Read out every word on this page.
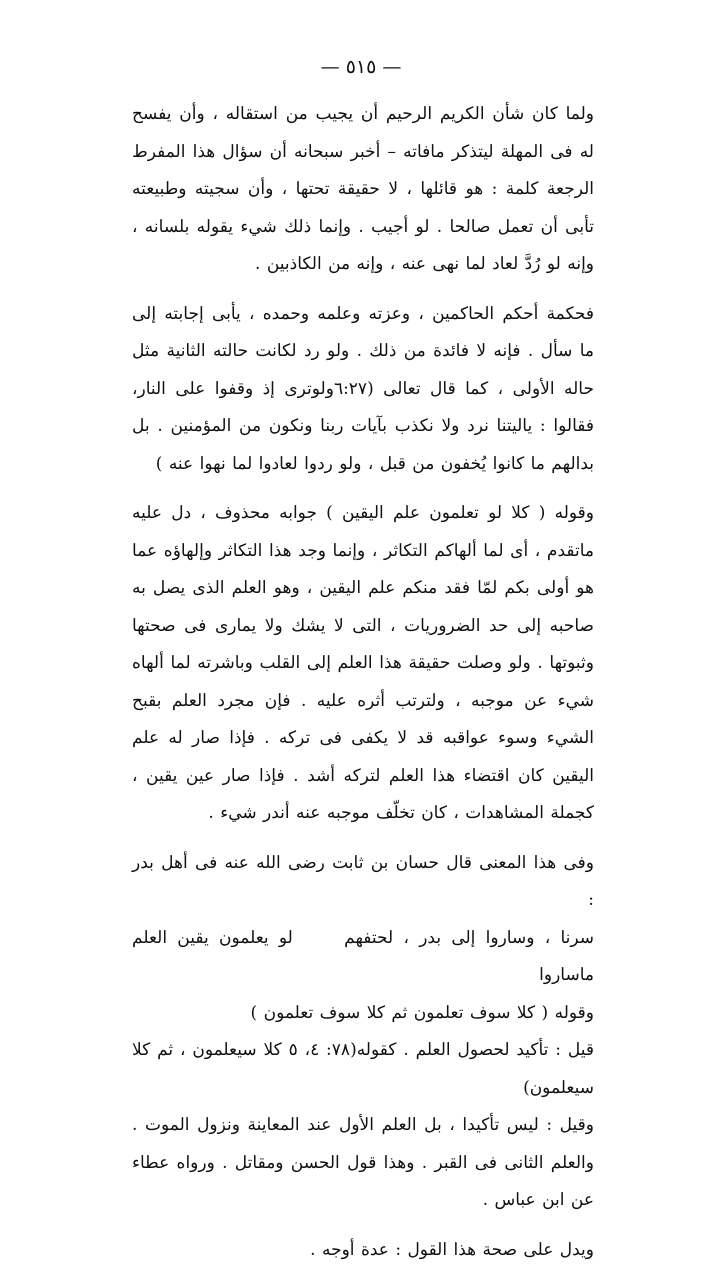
— ٥١٥ —

ولما كان شأن الكريم الرحيم أن يجيب من استقاله ، وأن يفسح له فى المهلة ليتذكر مافاته – أخبر سبحانه أن سؤال هذا المفرط الرجعة كلمة : هو قائلها ، لا حقيقة تحتها ، وأن سجيته وطبيعته تأبى أن تعمل صالحا . لو أجيب . وإنما ذلك شيء يقوله بلسانه ، وإنه لو رُدَّ لعاد لما نهى عنه ، وإنه من الكاذبين .

فحكمة أحكم الحاكمين ، وعزته وعلمه وحمده ، يأبى إجابته إلى ما سأل . فإنه لا فائدة من ذلك . ولو رد لكانت حالته الثانية مثل حاله الأولى ، كما قال تعالى (٦:٢٧ولوترى إذ وقفوا على النار، فقالوا : ياليتنا نرد ولا نكذب بآيات ربنا ونكون من المؤمنين . بل بدالهم ما كانوا يُخفون من قبل ، ولو ردوا لعادوا لما نهوا عنه )

وقوله ( كلا لو تعلمون علم اليقين ) جوابه محذوف ، دل عليه ماتقدم ، أى لما ألهاكم التكاثر ، وإنما وجد هذا التكاثر وإلهاؤه عما هو أولى بكم لمّا فقد منكم علم اليقين ، وهو العلم الذى يصل به صاحبه إلى حد الضروريات ، التى لا يشك ولا يمارى فى صحتها وثبوتها . ولو وصلت حقيقة هذا العلم إلى القلب وباشرته لما ألهاه شيء عن موجبه ، ولترتب أثره عليه . فإن مجرد العلم بقبح الشيء وسوء عواقبه قد لا يكفى فى تركه . فإذا صار له علم اليقين كان اقتضاء هذا العلم لتركه أشد . فإذا صار عين يقين ، كجملة المشاهدات ، كان تخلّف موجبه عنه أندر شيء .

وفى هذا المعنى قال حسان بن ثابت رضى الله عنه فى أهل بدر :

سرنا ، وساروا إلى بدر ، لحتفهم     لو يعلمون يقين العلم ماساروا

وقوله ( كلا سوف تعلمون ثم كلا سوف تعلمون )

قيل : تأكيد لحصول العلم . كقوله(٧٨: ٤، ٥ كلا سيعلمون ، ثم كلا سيعلمون)

وقيل : ليس تأكيدا ، بل العلم الأول عند المعاينة ونزول الموت . والعلم الثانى فى القبر . وهذا قول الحسن ومقاتل . ورواه عطاء عن ابن عباس .

ويدل على صحة هذا القول : عدة أوجه .
